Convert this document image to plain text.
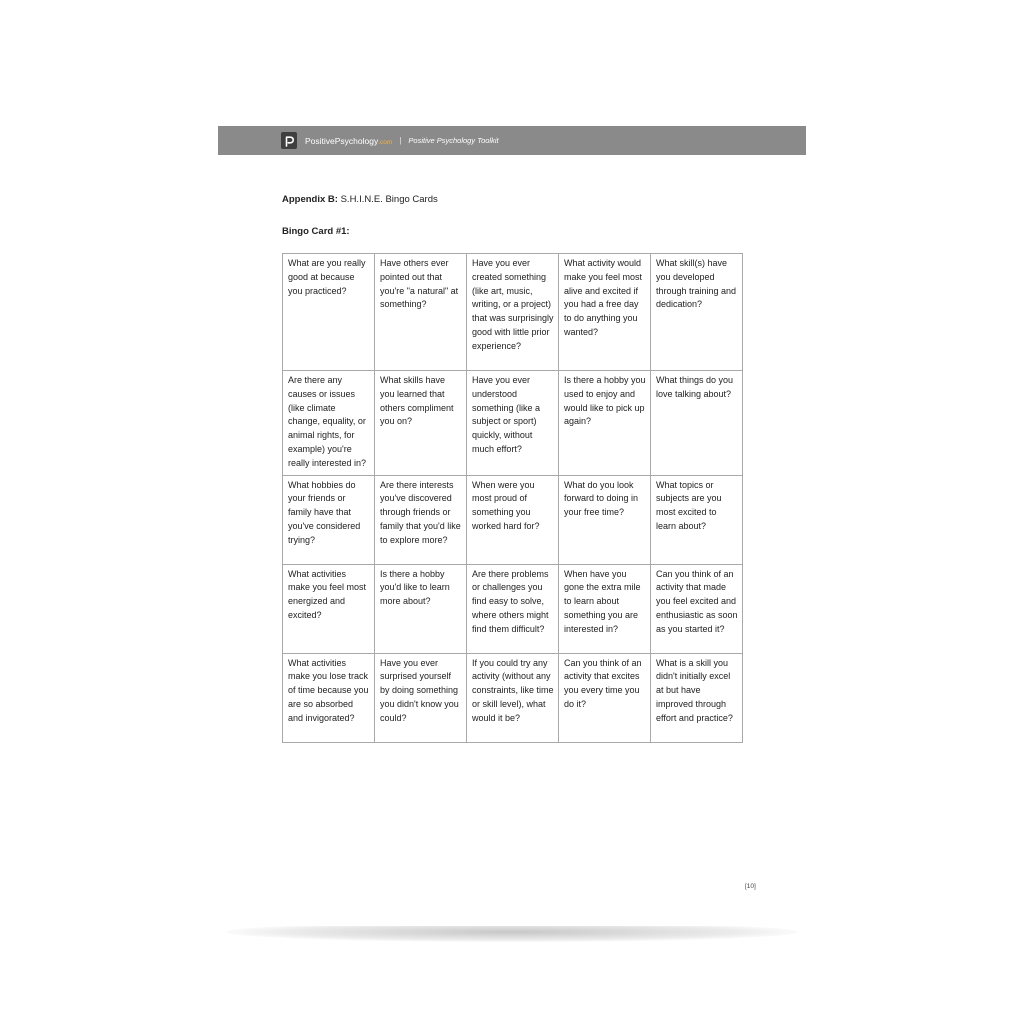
PositivePsychology.com | Positive Psychology Toolkit
Appendix B: S.H.I.N.E. Bingo Cards
Bingo Card #1:
What are you really good at because you practiced?	Have others ever pointed out that you're "a natural" at something?	Have you ever created something (like art, music, writing, or a project) that was surprisingly good with little prior experience?	What activity would make you feel most alive and excited if you had a free day to do anything you wanted?	What skill(s) have you developed through training and dedication?
Are there any causes or issues (like climate change, equality, or animal rights, for example) you're really interested in?	What skills have you learned that others compliment you on?	Have you ever understood something (like a subject or sport) quickly, without much effort?	Is there a hobby you used to enjoy and would like to pick up again?	What things do you love talking about?
What hobbies do your friends or family have that you've considered trying?	Are there interests you've discovered through friends or family that you'd like to explore more?	When were you most proud of something you worked hard for?	What do you look forward to doing in your free time?	What topics or subjects are you most excited to learn about?
What activities make you feel most energized and excited?	Is there a hobby you'd like to learn more about?	Are there problems or challenges you find easy to solve, where others might find them difficult?	When have you gone the extra mile to learn about something you are interested in?	Can you think of an activity that made you feel excited and enthusiastic as soon as you started it?
What activities make you lose track of time because you are so absorbed and invigorated?	Have you ever surprised yourself by doing something you didn't know you could?	If you could try any activity (without any constraints, like time or skill level), what would it be?	Can you think of an activity that excites you every time you do it?	What is a skill you didn't initially excel at but have improved through effort and practice?
[10]
